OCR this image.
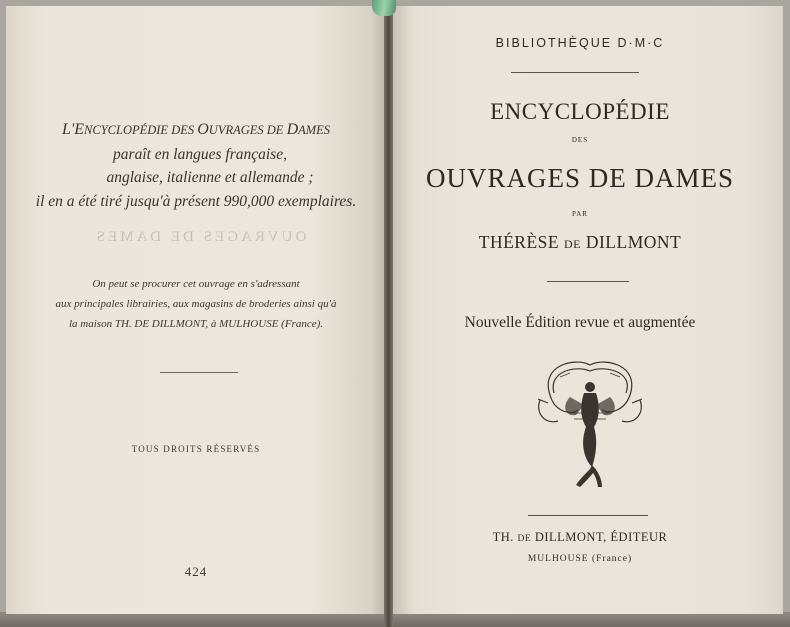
L'ENCYCLOPÉDIE DES OUVRAGES DE DAMES
paraît en langues française,
anglaise, italienne et allemande ;
il en a été tiré jusqu'à présent 990,000 exemplaires.
On peut se procurer cet ouvrage en s'adressant
aux principales librairies, aux magasins de broderies ainsi qu'à
la maison TH. DE DILLMONT, à MULHOUSE (France).
TOUS DROITS RÉSERVÉS
424
BIBLIOTHÈQUE D·M·C
ENCYCLOPÉDIE
DES
OUVRAGES DE DAMES
PAR
THÉRÈSE DE DILLMONT
Nouvelle Édition revue et augmentée
TH. DE DILLMONT, ÉDITEUR
MULHOUSE (France)
OUVRAGES DE DAMES
